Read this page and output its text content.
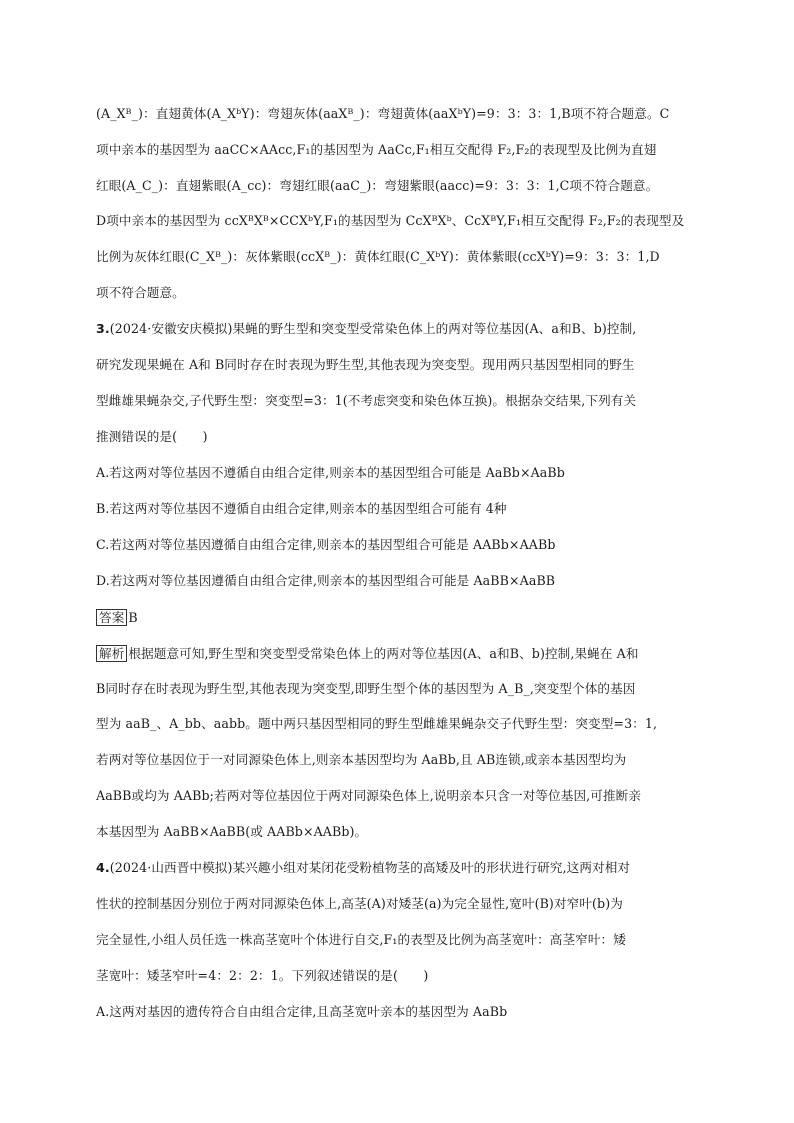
(A_Xᴮ_)：直翅黄体(A_XᵇY)：弯翅灰体(aaXᴮ_)：弯翅黄体(aaXᵇY)=9：3：3：1,B项不符合题意。C
项中亲本的基因型为 aaCC×AAcc,F₁的基因型为 AaCc,F₁相互交配得 F₂,F₂的表现型及比例为直翅
红眼(A_C_)：直翅紫眼(A_cc)：弯翅红眼(aaC_)：弯翅紫眼(aacc)=9：3：3：1,C项不符合题意。
D项中亲本的基因型为 ccXᴮXᴮ×CCXᵇY,F₁的基因型为 CcXᴮXᵇ、CcXᴮY,F₁相互交配得 F₂,F₂的表现型及
比例为灰体红眼(C_Xᴮ_)：灰体紫眼(ccXᴮ_)：黄体红眼(C_XᵇY)：黄体紫眼(ccXᵇY)=9：3：3：1,D
项不符合题意。
3.(2024·安徽安庆模拟)果蝇的野生型和突变型受常染色体上的两对等位基因(A、a和B、b)控制,
研究发现果蝇在 A和 B同时存在时表现为野生型,其他表现为突变型。现用两只基因型相同的野生
型雌雄果蝇杂交,子代野生型：突变型=3：1(不考虑突变和染色体互换)。根据杂交结果,下列有关
推测错误的是(　　)
A.若这两对等位基因不遵循自由组合定律,则亲本的基因型组合可能是 AaBb×AaBb
B.若这两对等位基因不遵循自由组合定律,则亲本的基因型组合可能有 4种
C.若这两对等位基因遵循自由组合定律,则亲本的基因型组合可能是 AABb×AABb
D.若这两对等位基因遵循自由组合定律,则亲本的基因型组合可能是 AaBB×AaBB
答案 B
解析 根据题意可知,野生型和突变型受常染色体上的两对等位基因(A、a和B、b)控制,果蝇在 A和
B同时存在时表现为野生型,其他表现为突变型,即野生型个体的基因型为 A_B_,突变型个体的基因
型为 aaB_、A_bb、aabb。题中两只基因型相同的野生型雌雄果蝇杂交子代野生型：突变型=3：1,
若两对等位基因位于一对同源染色体上,则亲本基因型均为 AaBb,且 AB连锁,或亲本基因型均为
AaBB或均为 AABb;若两对等位基因位于两对同源染色体上,说明亲本只含一对等位基因,可推断亲
本基因型为 AaBB×AaBB(或 AABb×AABb)。
4.(2024·山西晋中模拟)某兴趣小组对某闭花受粉植物茎的高矮及叶的形状进行研究,这两对相对
性状的控制基因分别位于两对同源染色体上,高茎(A)对矮茎(a)为完全显性,宽叶(B)对窄叶(b)为
完全显性,小组人员任选一株高茎宽叶个体进行自交,F₁的表型及比例为高茎宽叶：高茎窄叶：矮
茎宽叶：矮茎窄叶=4：2：2：1。下列叙述错误的是(　　)
A.这两对基因的遗传符合自由组合定律,且高茎宽叶亲本的基因型为 AaBb
